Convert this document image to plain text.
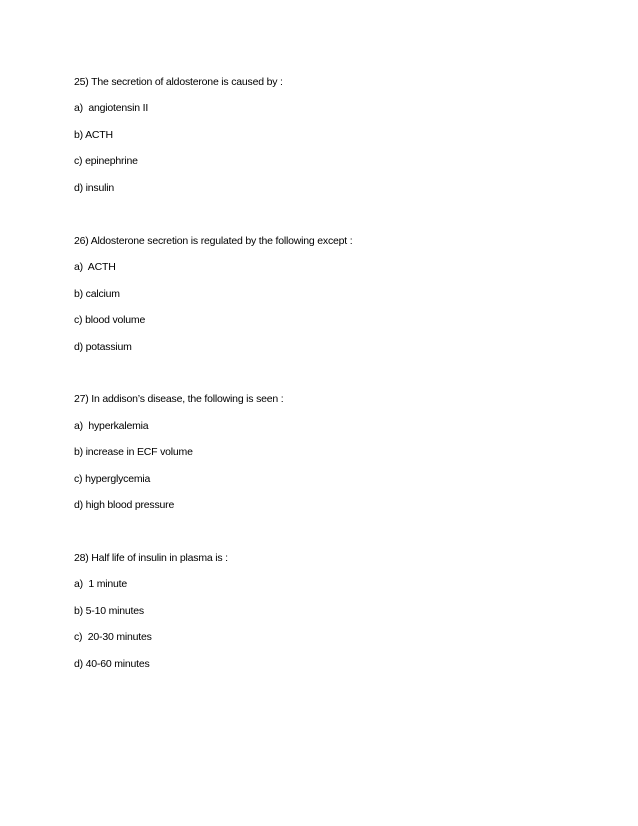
25) The secretion of aldosterone is caused by :
a)  angiotensin II
b) ACTH
c) epinephrine
d) insulin
26) Aldosterone secretion is regulated by the following except :
a)  ACTH
b) calcium
c) blood volume
d) potassium
27) In addison’s disease, the following is seen :
a)  hyperkalemia
b) increase in ECF volume
c) hyperglycemia
d) high blood pressure
28) Half life of insulin in plasma is :
a)  1 minute
b) 5-10 minutes
c)  20-30 minutes
d) 40-60 minutes
